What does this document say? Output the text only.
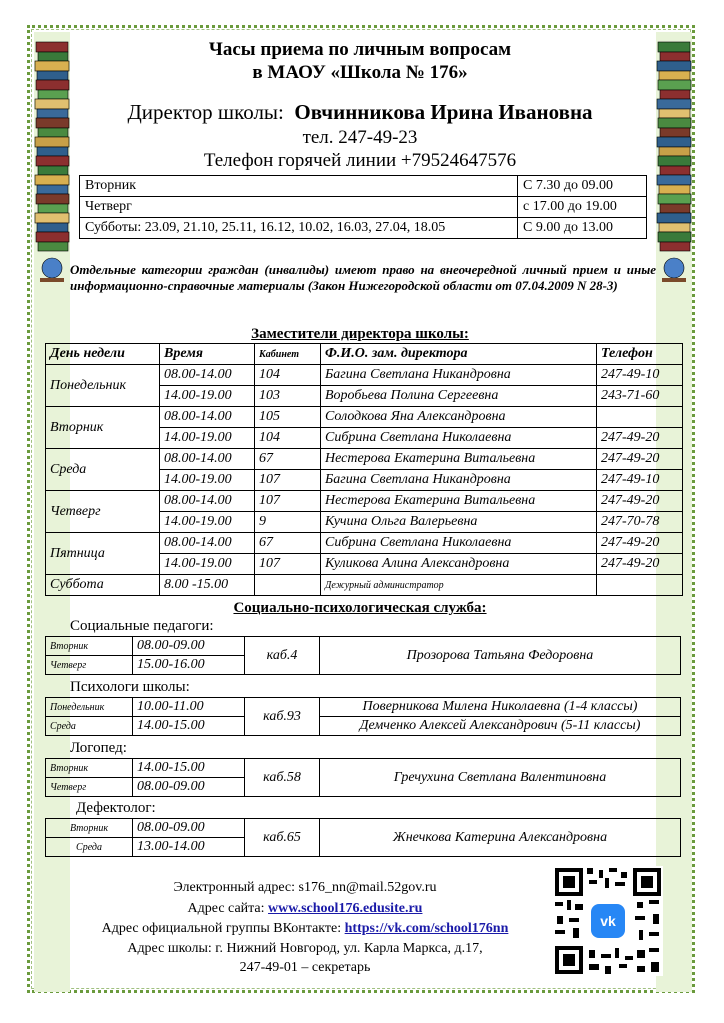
Часы приема по личным вопросам
в МАОУ «Школа № 176»
Директор школы: Овчинникова Ирина Ивановна
тел. 247-49-23
Телефон горячей линии +79524647576
Вторник	С 7.30 до 09.00
Четверг	с 17.00 до 19.00
Субботы: 23.09, 21.10, 25.11, 16.12, 10.02, 16.03, 27.04, 18.05	С 9.00 до 13.00
Отдельные категории граждан (инвалиды) имеют право на внеочередной личный прием и иные информационно-справочные материалы (Закон Нижегородской области от 07.04.2009 N 28-3)
Заместители директора школы:
День недели	Время	Кабинет	Ф.И.О. зам. директора	Телефон
Понедельник	08.00-14.00	104	Багина Светлана Никандровна	247-49-10
	14.00-19.00	103	Воробьева Полина Сергеевна	243-71-60
Вторник	08.00-14.00	105	Солодкова Яна Александровна	
	14.00-19.00	104	Сибрина Светлана Николаевна	247-49-20
Среда	08.00-14.00	67	Нестерова Екатерина Витальевна	247-49-20
	14.00-19.00	107	Багина Светлана Никандровна	247-49-10
Четверг	08.00-14.00	107	Нестерова Екатерина Витальевна	247-49-20
	14.00-19.00	9	Кучина Ольга Валерьевна	247-70-78
Пятница	08.00-14.00	67	Сибрина Светлана Николаевна	247-49-20
	14.00-19.00	107	Куликова Алина Александровна	247-49-20
Суббота	8.00 -15.00		Дежурный администратор	
Социально-психологическая служба:
Социальные педагоги:
Вторник	08.00-09.00	каб.4	Прозорова Татьяна Федоровна
Четверг	15.00-16.00		
Психологи школы:
Понедельник	10.00-11.00	каб.93	Поверникова Милена Николаевна (1-4 классы)
Среда	14.00-15.00		Демченко Алексей Александрович (5-11 классы)
Логопед:
Вторник	14.00-15.00	каб.58	Гречухина Светлана Валентиновна
Четверг	08.00-09.00		
Дефектолог:
Вторник	08.00-09.00	каб.65	Жнечкова Катерина Александровна
Среда	13.00-14.00		
Электронный адрес: s176_nn@mail.52gov.ru
Адрес сайта: www.school176.edusite.ru
Адрес официальной группы ВКонтакте: https://vk.com/school176nn
Адрес школы: г. Нижний Новгород, ул. Карла Маркса, д.17,
247-49-01 – секретарь
vk
